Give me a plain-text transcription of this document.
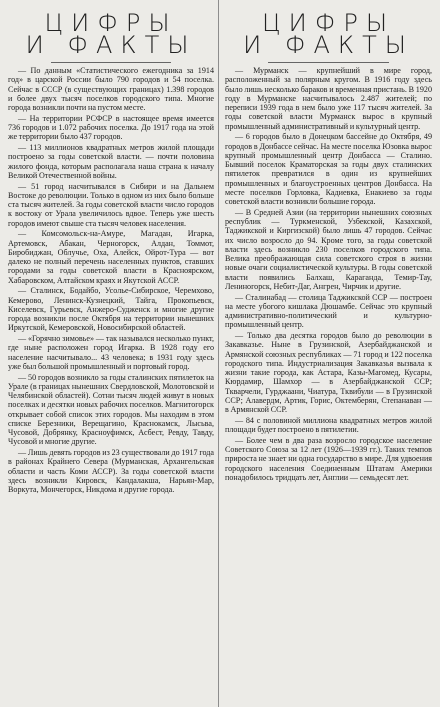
ЦИФРЫ
И ФАКТЫ

— По данным «Статистического ежегодника за 1914 год» в царской России было 790 городов и 54 поселка. Сейчас в СССР (в существующих границах) 1.398 городов и более двух тысяч поселков городского типа. Многие города возникли почти на пустом месте.

— На территории РСФСР в настоящее время имеется 736 городов и 1.072 рабочих поселка. До 1917 года на этой же территории было 437 городов.

— 113 миллионов квадратных метров жилой площади построено за годы советской власти. — почти половина жилого фонда, которым располагала наша страна к началу Великой Отечественной войны.

— 51 город насчитывался в Сибири и на Дальнем Востоке до революции. Только в одном из них было больше ста тысяч жителей. За годы советской власти число городов к востоку от Урала увеличилось вдвое. Теперь уже шесть городов имеют свыше ста тысяч человек населения.

— Комсомольск-на-Амуре, Магадан, Игарка, Артемовск, Абакан, Черногорск, Алдан, Томмот, Биробиджан, Облучье, Оха, Алейск, Ойрот-Тура — вот далеко не полный перечень населенных пунктов, ставших городами за годы советской власти в Красноярском, Хабаровском, Алтайском краях и Якутской АССР.

— Сталинск, Бодайбо, Усолье-Сибирское, Черемхово, Кемерово, Ленинск-Кузнецкий, Тайга, Прокопьевск, Киселевск, Гурьевск, Анжеро-Судженск и многие другие города возникли после Октября на территории нынешних Иркутской, Кемеровской, Новосибирской областей.

— «Горячно зимовье» — так назывался несколько пункт, где ныне расположен город Игарка. В 1928 году его население насчитывало... 43 человека; в 1931 году здесь уже был большой промышленный и портовый город.

— 50 городов возникло за годы сталинских пятилеток на Урале (в границах нынешних Свердловской, Молотовской и Челябинской областей). Сотни тысяч людей живут в новых поселках и десятки новых рабочих поселков. Магнитогорск открывает собой список этих городов. Мы находим в этом списке Березники, Верещагино, Краснокамск, Лысьва, Чусовой, Добрянку, Красноуфимск, Асбест, Ревду, Тавду, Чусовой и многие другие.

— Лишь девять городов из 23 существовали до 1917 года в районах Крайнего Севера (Мурманская, Архангельская области и часть Коми АССР). За годы советской власти здесь возникли Кировск, Кандалакша, Нарьян-Мар, Воркута, Мончегорск, Никдома и другие города.

ЦИФРЫ
И ФАКТЫ

— Мурманск — крупнейший в мире город, расположенный за полярным кругом. В 1916 году здесь было лишь несколько бараков и временная пристань. В 1920 году в Мурманске насчитывалось 2.487 жителей; по переписи 1939 года в нем было уже 117 тысяч жителей. За годы советской власти Мурманск вырос в крупный промышленный административный и культурный центр.

— 6 городов было в Донецком бассейне до Октября, 49 городов в Донбассе сейчас. На месте поселка Юзовка вырос крупный промышленный центр Донбасса — Сталино. Бывший поселок Краматорская за годы двух сталинских пятилеток превратился в один из крупнейших промышленных и благоустроенных центров Донбасса. На месте поселков Горловка, Кадиевка, Енакиево за годы советской власти возникли большие города.

— В Средней Азии (на территории нынешних союзных республик — Туркменской, Узбекской, Казахской, Таджикской и Киргизской) было лишь 47 городов. Сейчас их число возросло до 94. Кроме того, за годы советской власти здесь возникло 230 поселков городского типа. Велика преображающая сила советского строя в жизни новые очаги социалистической культуры. В годы советской власти появились Балхаш, Караганда, Темир-Тау, Лениногорск, Небит-Даг, Ангрен, Чирчик и другие.

— Сталинабад — столица Таджикской ССР — построен на месте убогого кишлака Дюшамбе. Сейчас это крупный административно-политический и культурно-промышленный центр.

— Только два десятка городов было до революции в Закавказье. Ныне в Грузинской, Азербайджанской и Армянской союзных республиках — 71 город и 122 поселка городского типа. Индустриализация Закавказья вызвала к жизни такие города, как Астара, Казы-Магомед, Кусары, Кюрдамир, Шамхор — в Азербайджанской ССР; Ткварчели, Гурджаани, Чиатура, Тквибули — в Грузинской ССР; Алавердм, Артик, Горис, Октемберян, Степанаван — в Армянской ССР.

— 84 с половиной миллиона квадратных метров жилой площади будет построено в пятилетии.

— Более чем в два раза возросло городское население Советского Союза за 12 лет (1926—1939 гг.). Таких темпов прироста не знает ни одна государство в мире. Для удвоения городского населения Соединенным Штатам Америки понадобилось тридцать лет, Англии — семьдесят лет.
